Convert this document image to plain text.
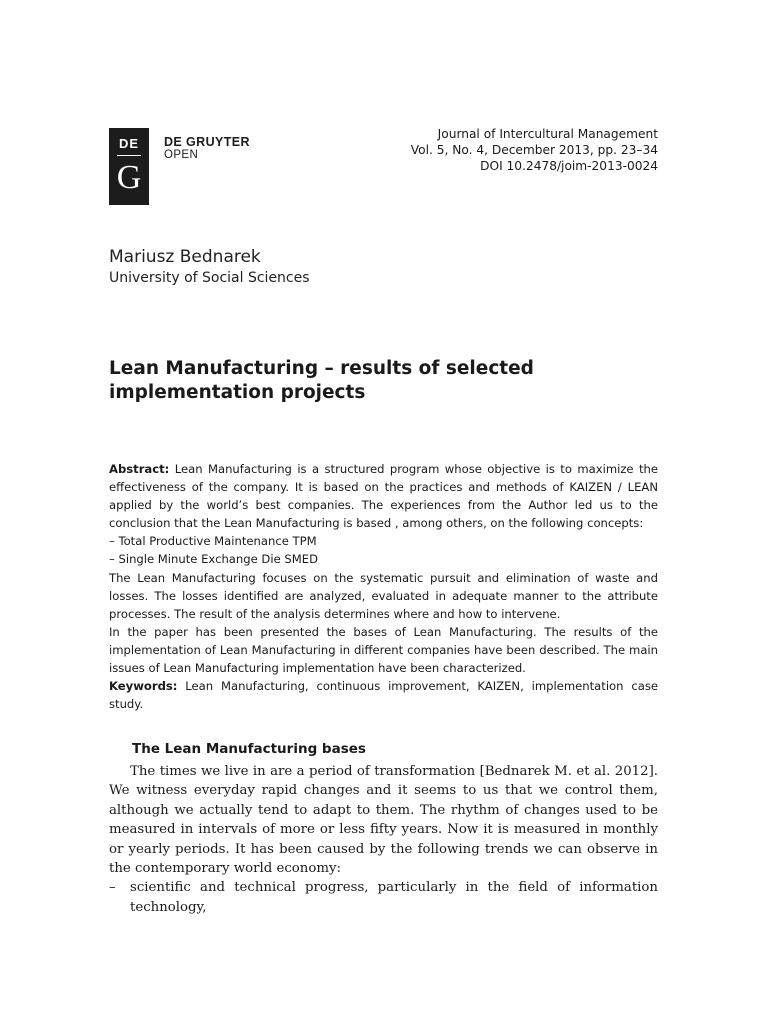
DE
G
DE GRUYTER
OPEN
Journal of Intercultural Management
Vol. 5, No. 4, December 2013, pp. 23–34
DOI 10.2478/joim-2013-0024
Mariusz Bednarek
University of Social Sciences
Lean Manufacturing – results of selected implementation projects

Abstract: Lean Manufacturing is a structured program whose objective is to maximize the effectiveness of the company. It is based on the practices and methods of KAIZEN / LEAN applied by the world’s best companies. The experiences from the Author led us to the conclusion that the Lean Manufacturing is based , among others, on the following concepts:

– Total Productive Maintenance TPM

– Single Minute Exchange Die SMED

The Lean Manufacturing focuses on the systematic pursuit and elimination of waste and losses. The losses identified are analyzed, evaluated in adequate manner to the attribute processes. The result of the analysis determines where and how to intervene.

In the paper has been presented the bases of Lean Manufacturing. The results of the implementation of Lean Manufacturing in different companies have been described. The main issues of Lean Manufacturing implementation have been characterized.

Keywords: Lean Manufacturing, continuous improvement, KAIZEN, implementation case study.

The Lean Manufacturing bases

The times we live in are a period of transformation [Bednarek M. et al. 2012]. We witness everyday rapid changes and it seems to us that we control them, although we actually tend to adapt to them. The rhythm of changes used to be measured in intervals of more or less fifty years. Now it is measured in monthly or yearly periods. It has been caused by the following trends we can observe in the contemporary world economy:

– scientific and technical progress, particularly in the field of information technology,
